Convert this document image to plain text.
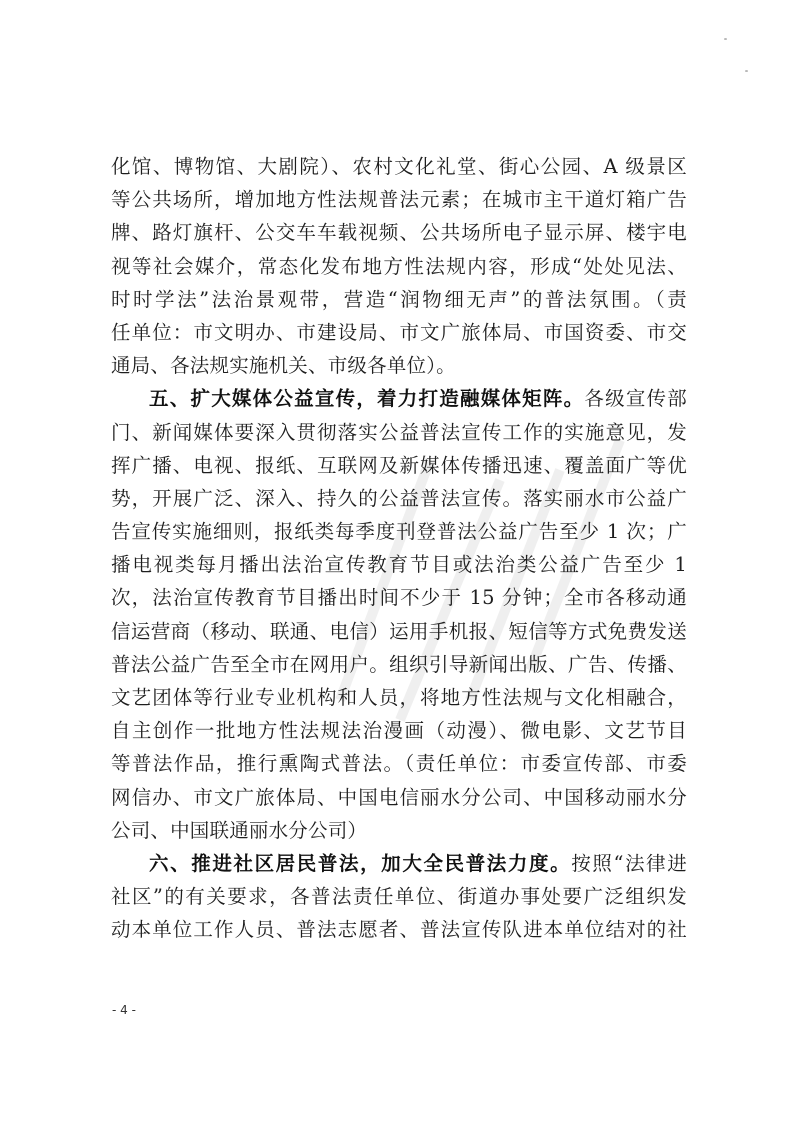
化馆、博物馆、大剧院）、农村文化礼堂、街心公园、A 级景区
等公共场所，增加地方性法规普法元素；在城市主干道灯箱广告
牌、路灯旗杆、公交车车载视频、公共场所电子显示屏、楼宇电
视等社会媒介，常态化发布地方性法规内容，形成“处处见法、
时时学法”法治景观带，营造“润物细无声”的普法氛围。（责
任单位：市文明办、市建设局、市文广旅体局、市国资委、市交
通局、各法规实施机关、市级各单位）。
五、扩大媒体公益宣传，着力打造融媒体矩阵。各级宣传部
门、新闻媒体要深入贯彻落实公益普法宣传工作的实施意见，发
挥广播、电视、报纸、互联网及新媒体传播迅速、覆盖面广等优
势，开展广泛、深入、持久的公益普法宣传。落实丽水市公益广
告宣传实施细则，报纸类每季度刊登普法公益广告至少 1 次；广
播电视类每月播出法治宣传教育节目或法治类公益广告至少 1
次，法治宣传教育节目播出时间不少于 15 分钟；全市各移动通
信运营商（移动、联通、电信）运用手机报、短信等方式免费发送
普法公益广告至全市在网用户。组织引导新闻出版、广告、传播、
文艺团体等行业专业机构和人员，将地方性法规与文化相融合，
自主创作一批地方性法规法治漫画（动漫）、微电影、文艺节目
等普法作品，推行熏陶式普法。（责任单位：市委宣传部、市委
网信办、市文广旅体局、中国电信丽水分公司、中国移动丽水分
公司、中国联通丽水分公司）
六、推进社区居民普法，加大全民普法力度。按照“法律进
社区”的有关要求，各普法责任单位、街道办事处要广泛组织发
动本单位工作人员、普法志愿者、普法宣传队进本单位结对的社
- 4 -
